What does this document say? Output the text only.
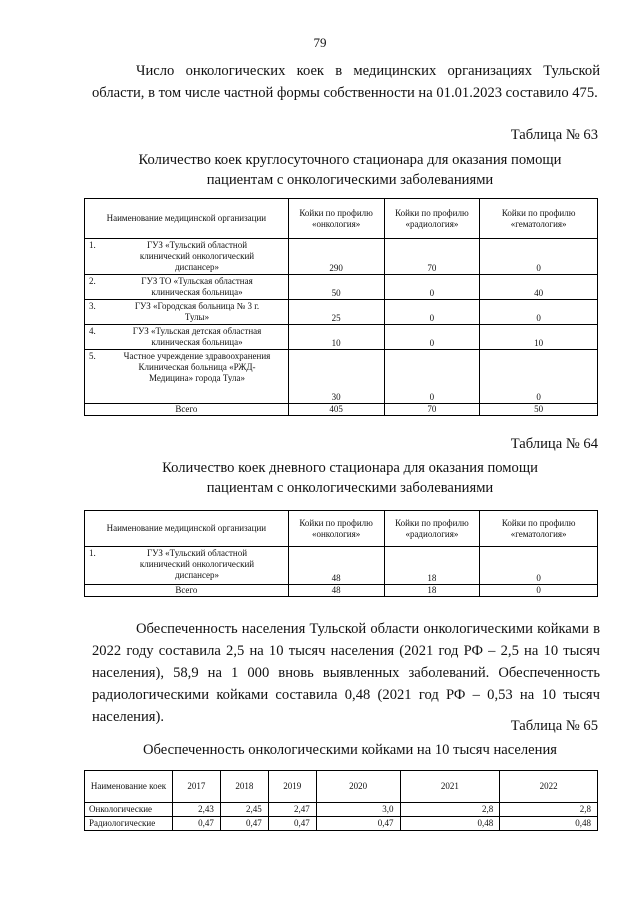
79

Число онкологических коек в медицинских организациях Тульской области, в том числе частной формы собственности на 01.01.2023 составило 475.

Таблица № 63
Количество коек круглосуточного стационара для оказания помощи
пациентам с онкологическими заболеваниями
Наименование медицинской организации	Койки по профилю «онкология»	Койки по профилю «радиология»	Койки по профилю «гематология»
1. ГУЗ «Тульский областной клинический онкологический диспансер»	290	70	0
2. ГУЗ ТО «Тульская областная клиническая больница»	50	0	40
3. ГУЗ «Городская больница № 3 г. Тулы»	25	0	0
4. ГУЗ «Тульская детская областная клиническая больница»	10	0	10
5. Частное учреждение здравоохранения Клиническая больница «РЖД-Медицина» города Тула»	30	0	0
Всего	405	70	50
Таблица № 64
Количество коек дневного стационара для оказания помощи
пациентам с онкологическими заболеваниями
Наименование медицинской организации	Койки по профилю «онкология»	Койки по профилю «радиология»	Койки по профилю «гематология»
1. ГУЗ «Тульский областной клинический онкологический диспансер»	48	18	0
Всего	48	18	0

Обеспеченность населения Тульской области онкологическими койками в 2022 году составила 2,5 на 10 тысяч населения (2021 год РФ – 2,5 на 10 тысяч населения), 58,9 на 1 000 вновь выявленных заболеваний. Обеспеченность радиологическими койками составила 0,48 (2021 год РФ – 0,53 на 10 тысяч населения).

Таблица № 65
Обеспеченность онкологическими койками на 10 тысяч населения
Наименование коек	2017	2018	2019	2020	2021	2022
Онкологические	2,43	2,45	2,47	3,0	2,8	2,8
Радиологические	0,47	0,47	0,47	0,47	0,48	0,48
